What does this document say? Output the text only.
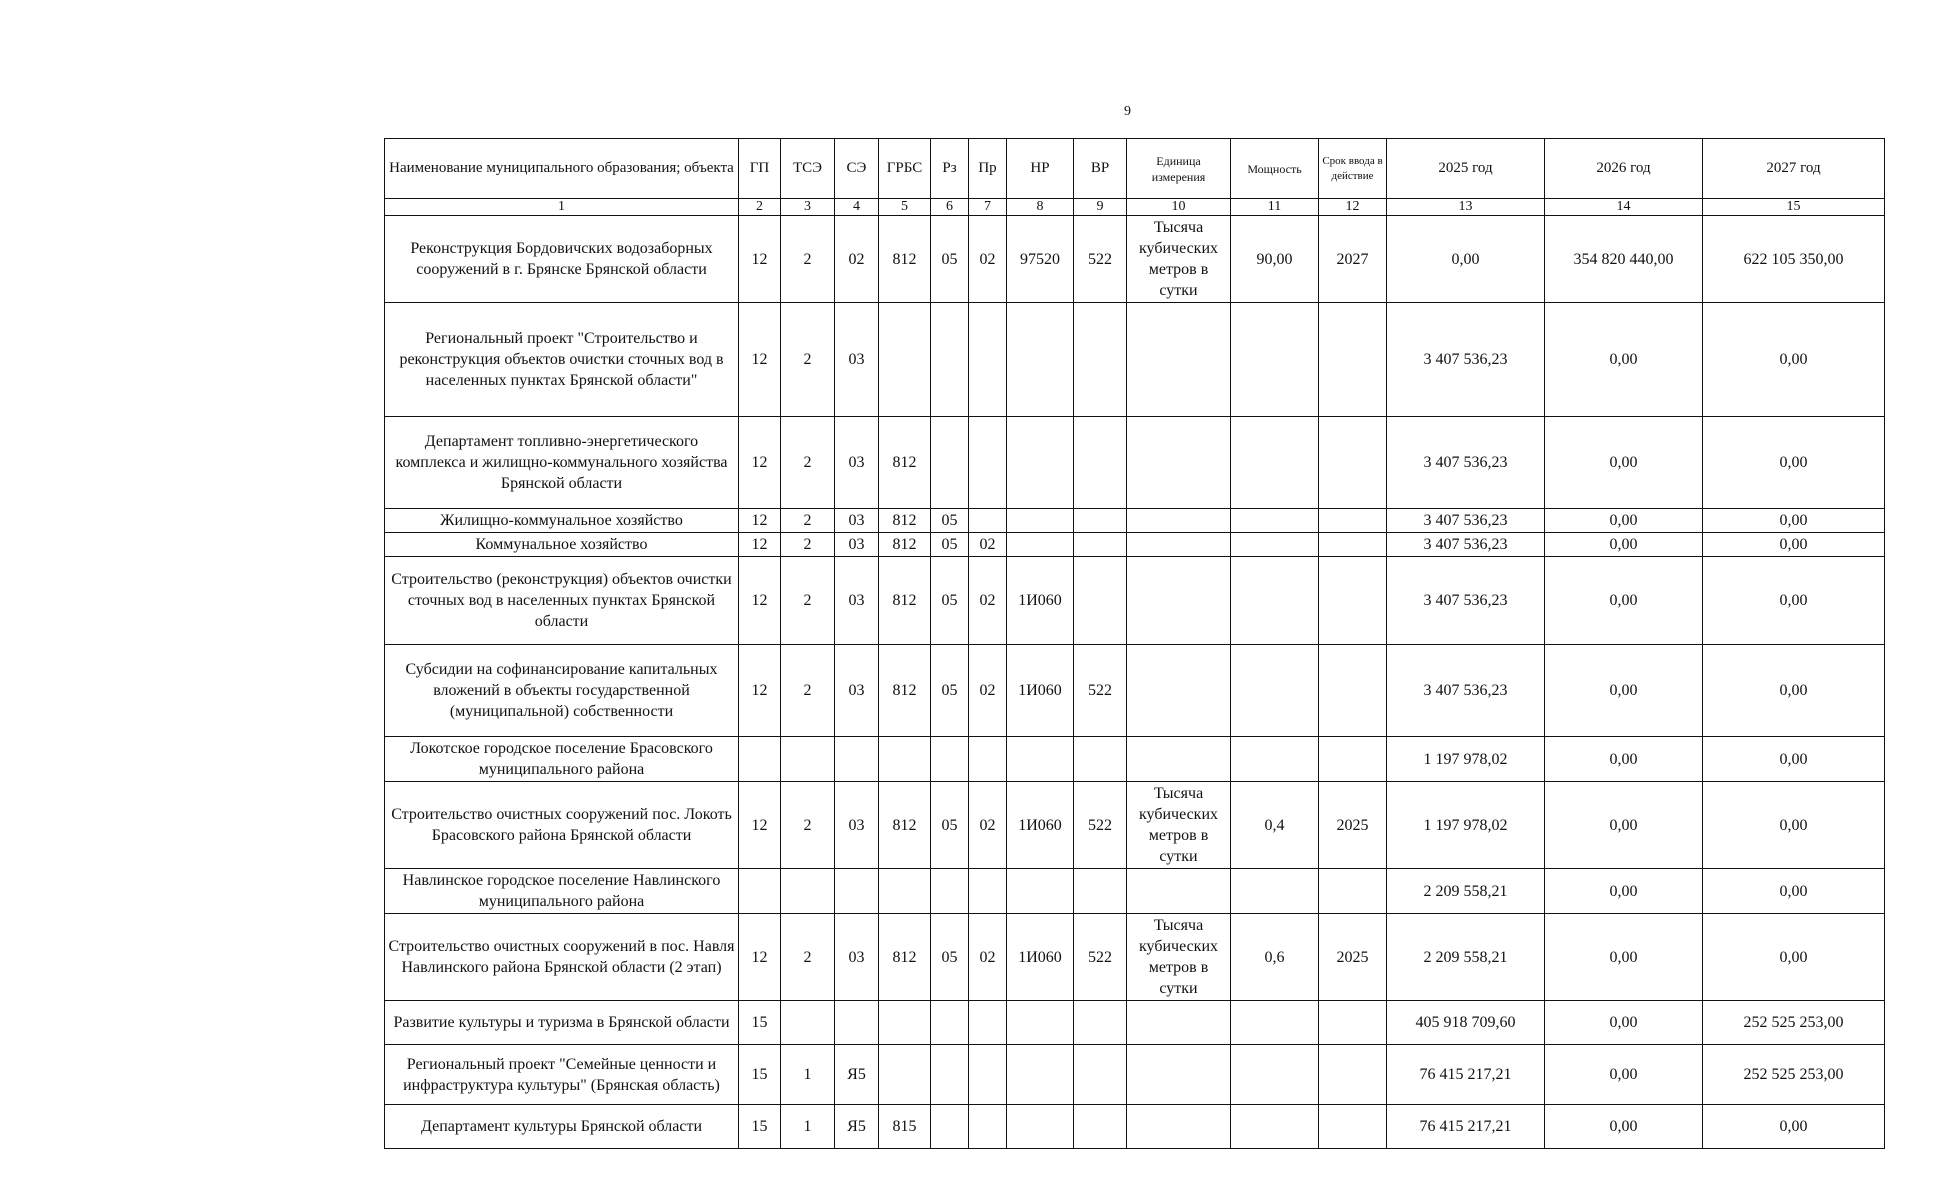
9
Наименование муниципального образования; объекта	ГП	ТСЭ	СЭ	ГРБС	Рз	Пр	НР	ВР	Единица измерения	Мощность	Срок ввода в действие	2025 год	2026 год	2027 год
1	2	3	4	5	6	7	8	9	10	11	12	13	14	15
Реконструкция Бордовичских водозаборных сооружений в г. Брянске Брянской области	12	2	02	812	05	02	97520	522	Тысяча кубических метров в сутки	90,00	2027	0,00	354 820 440,00	622 105 350,00
Региональный проект "Строительство и реконструкция объектов очистки сточных вод в населенных пунктах Брянской области"	12	2	03									3 407 536,23	0,00	0,00
Департамент топливно-энергетического комплекса и жилищно-коммунального хозяйства Брянской области	12	2	03	812								3 407 536,23	0,00	0,00
Жилищно-коммунальное хозяйство	12	2	03	812	05							3 407 536,23	0,00	0,00
Коммунальное хозяйство	12	2	03	812	05	02						3 407 536,23	0,00	0,00
Строительство (реконструкция) объектов очистки сточных вод в населенных пунктах Брянской области	12	2	03	812	05	02	1И060					3 407 536,23	0,00	0,00
Субсидии на софинансирование капитальных вложений в объекты государственной (муниципальной) собственности	12	2	03	812	05	02	1И060	522				3 407 536,23	0,00	0,00
Локотское городское поселение Брасовского муниципального района												1 197 978,02	0,00	0,00
Строительство очистных сооружений пос. Локоть Брасовского района Брянской области	12	2	03	812	05	02	1И060	522	Тысяча кубических метров в сутки	0,4	2025	1 197 978,02	0,00	0,00
Навлинское городское поселение Навлинского муниципального района												2 209 558,21	0,00	0,00
Строительство очистных сооружений в пос. Навля Навлинского района Брянской области (2 этап)	12	2	03	812	05	02	1И060	522	Тысяча кубических метров в сутки	0,6	2025	2 209 558,21	0,00	0,00
Развитие культуры и туризма в Брянской области	15											405 918 709,60	0,00	252 525 253,00
Региональный проект "Семейные ценности и инфраструктура культуры" (Брянская область)	15	1	Я5									76 415 217,21	0,00	252 525 253,00
Департамент культуры Брянской области	15	1	Я5	815								76 415 217,21	0,00	0,00
